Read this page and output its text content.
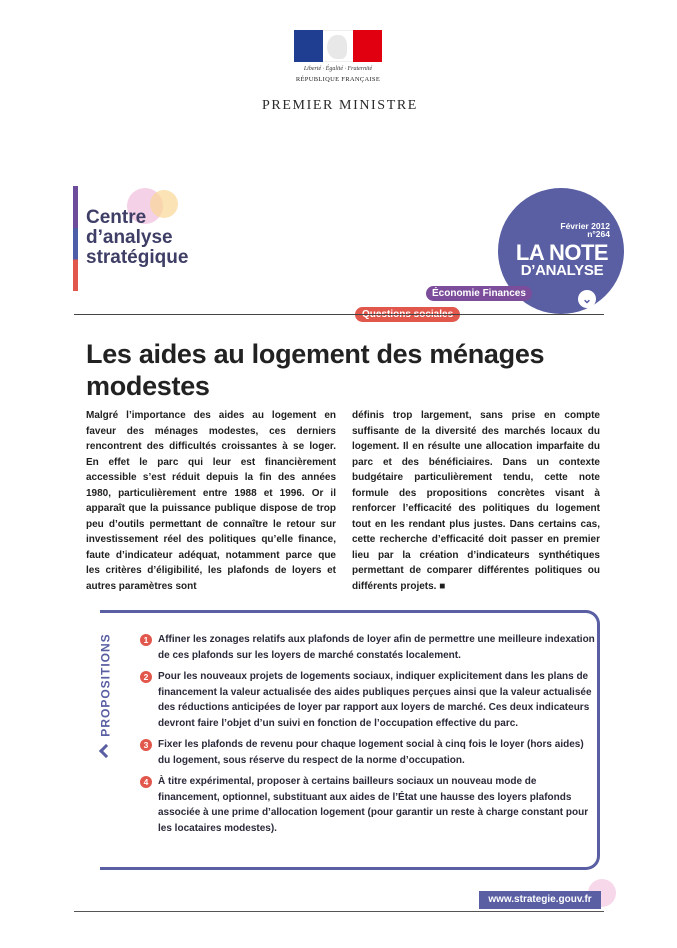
Liberté · Égalité · Fraternité
RÉPUBLIQUE FRANÇAISE
PREMIER MINISTRE
Centre
d’analyse
stratégique
Février 2012
n°264
LA NOTE
D’ANALYSE
⌄
Économie Finances
Questions sociales
Les aides au logement des ménages modestes

Malgré l’importance des aides au logement en faveur des ménages modestes, ces derniers rencontrent des difficultés croissantes à se loger. En effet le parc qui leur est financièrement accessible s’est réduit depuis la fin des années 1980, particulièrement entre 1988 et 1996. Or il apparaît que la puissance publique dispose de trop peu d’outils permettant de connaître le retour sur investissement réel des politiques qu’elle finance, faute d’indicateur adéquat, notamment parce que les critères d’éligibilité, les plafonds de loyers et autres paramètres sont

définis trop largement, sans prise en compte suffisante de la diversité des marchés locaux du logement. Il en résulte une allocation imparfaite du parc et des bénéficiaires. Dans un contexte budgétaire particulièrement tendu, cette note formule des propositions concrètes visant à renforcer l’efficacité des politiques du logement tout en les rendant plus justes. Dans certains cas, cette recherche d’efficacité doit passer en premier lieu par la création d’indicateurs synthétiques permettant de comparer différentes politiques ou différents projets. ■

PROPOSITIONS	1 Affiner les zonages relatifs aux plafonds de loyer afin de permettre une meilleure indexation de ces plafonds sur les loyers de marché constatés localement.
2 Pour les nouveaux projets de logements sociaux, indiquer explicitement dans les plans de financement la valeur actualisée des aides publiques perçues ainsi que la valeur actualisée des réductions anticipées de loyer par rapport aux loyers de marché. Ces deux indicateurs devront faire l’objet d’un suivi en fonction de l’occupation effective du parc.
3 Fixer les plafonds de revenu pour chaque logement social à cinq fois le loyer (hors aides) du logement, sous réserve du respect de la norme d’occupation.
4 À titre expérimental, proposer à certains bailleurs sociaux un nouveau mode de financement, optionnel, substituant aux aides de l’État une hausse des loyers plafonds associée à une prime d’allocation logement (pour garantir un reste à charge constant pour les locataires modestes).
www.strategie.gouv.fr
